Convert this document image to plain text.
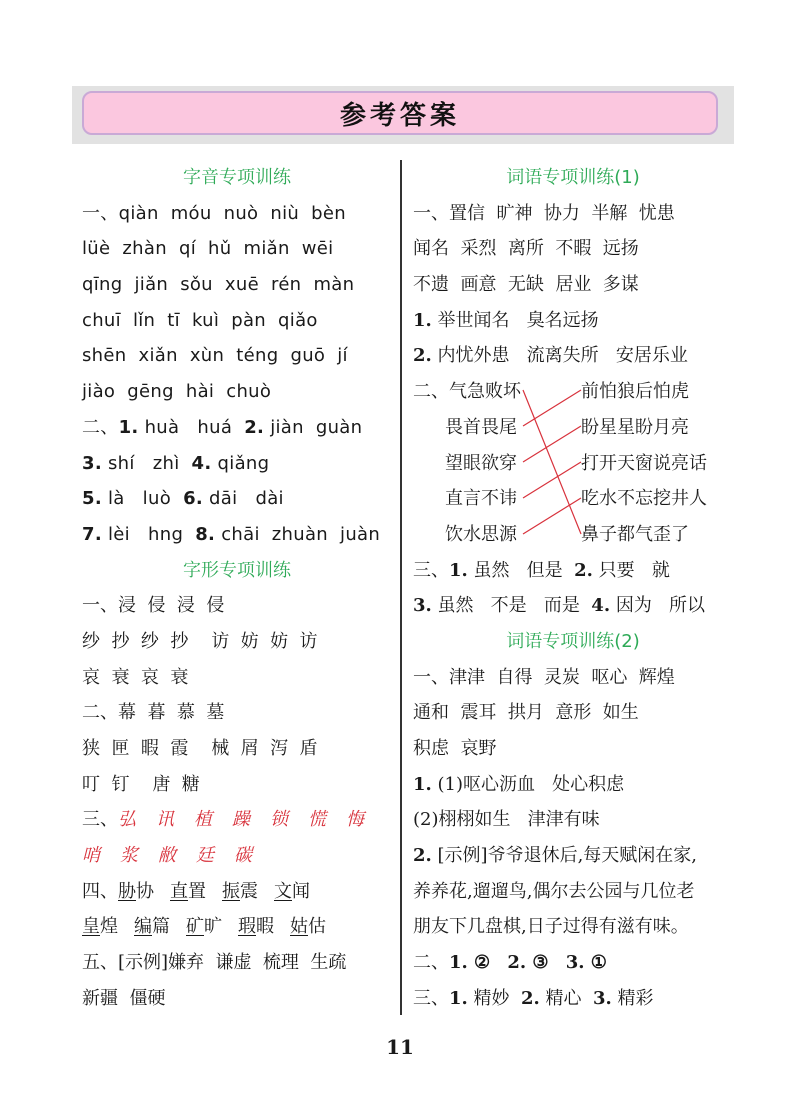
参考答案
字音专项训练
一、qiàn  móu  nuò  niù  bèn
lüè  zhàn  qí  hǔ  miǎn  wēi
qīng  jiǎn  sǒu  xuē  rén  màn
chuī  lǐn  tī  kuì  pàn  qiǎo
shēn  xiǎn  xùn  téng  guō  jí
jiào  gēng  hài  chuò
二、1. huà   huá  2. jiàn  guàn
3. shí   zhì  4. qiǎng
5. là   luò  6. dāi   dài
7. lèi   hng  8. chāi  zhuàn  juàn
字形专项训练
一、浸  侵  浸  侵
纱  抄  纱  抄    访  妨  妨  访
哀  衰  哀  衰
二、幕  暮  慕  墓
狭  匣  暇  霞    械  屑  泻  盾
叮  钉    唐  糖
三、弘 讯 植 躁 锁 慌 悔
哨 浆 敝 廷 碳
四、胁协 直置 振震 文闻
皇煌 编篇 矿旷 瑕暇 姑估
五、[示例]嫌弃  谦虚  梳理  生疏
新疆  僵硬
词语专项训练(1)
一、置信  旷神  协力  半解  忧患
闻名  采烈  离所  不暇  远扬
不遗  画意  无缺  居业  多谋
1. 举世闻名   臭名远扬
2. 内忧外患   流离失所   安居乐业
二、气急败坏	前怕狼后怕虎
畏首畏尾	盼星星盼月亮
望眼欲穿	打开天窗说亮话
直言不讳	吃水不忘挖井人
饮水思源	鼻子都气歪了
三、1. 虽然   但是  2. 只要   就
3. 虽然   不是   而是  4. 因为   所以
词语专项训练(2)
一、津津  自得  灵炭  呕心  辉煌
通和  震耳  拱月  意形  如生
积虑  哀野
1. (1)呕心沥血   处心积虑
(2)栩栩如生   津津有味
2. [示例]爷爷退休后,每天赋闲在家,
养养花,遛遛鸟,偶尔去公园与几位老
朋友下几盘棋,日子过得有滋有味。
二、1. ② 2. ③ 3. ①
三、1. 精妙  2. 精心  3. 精彩
11
